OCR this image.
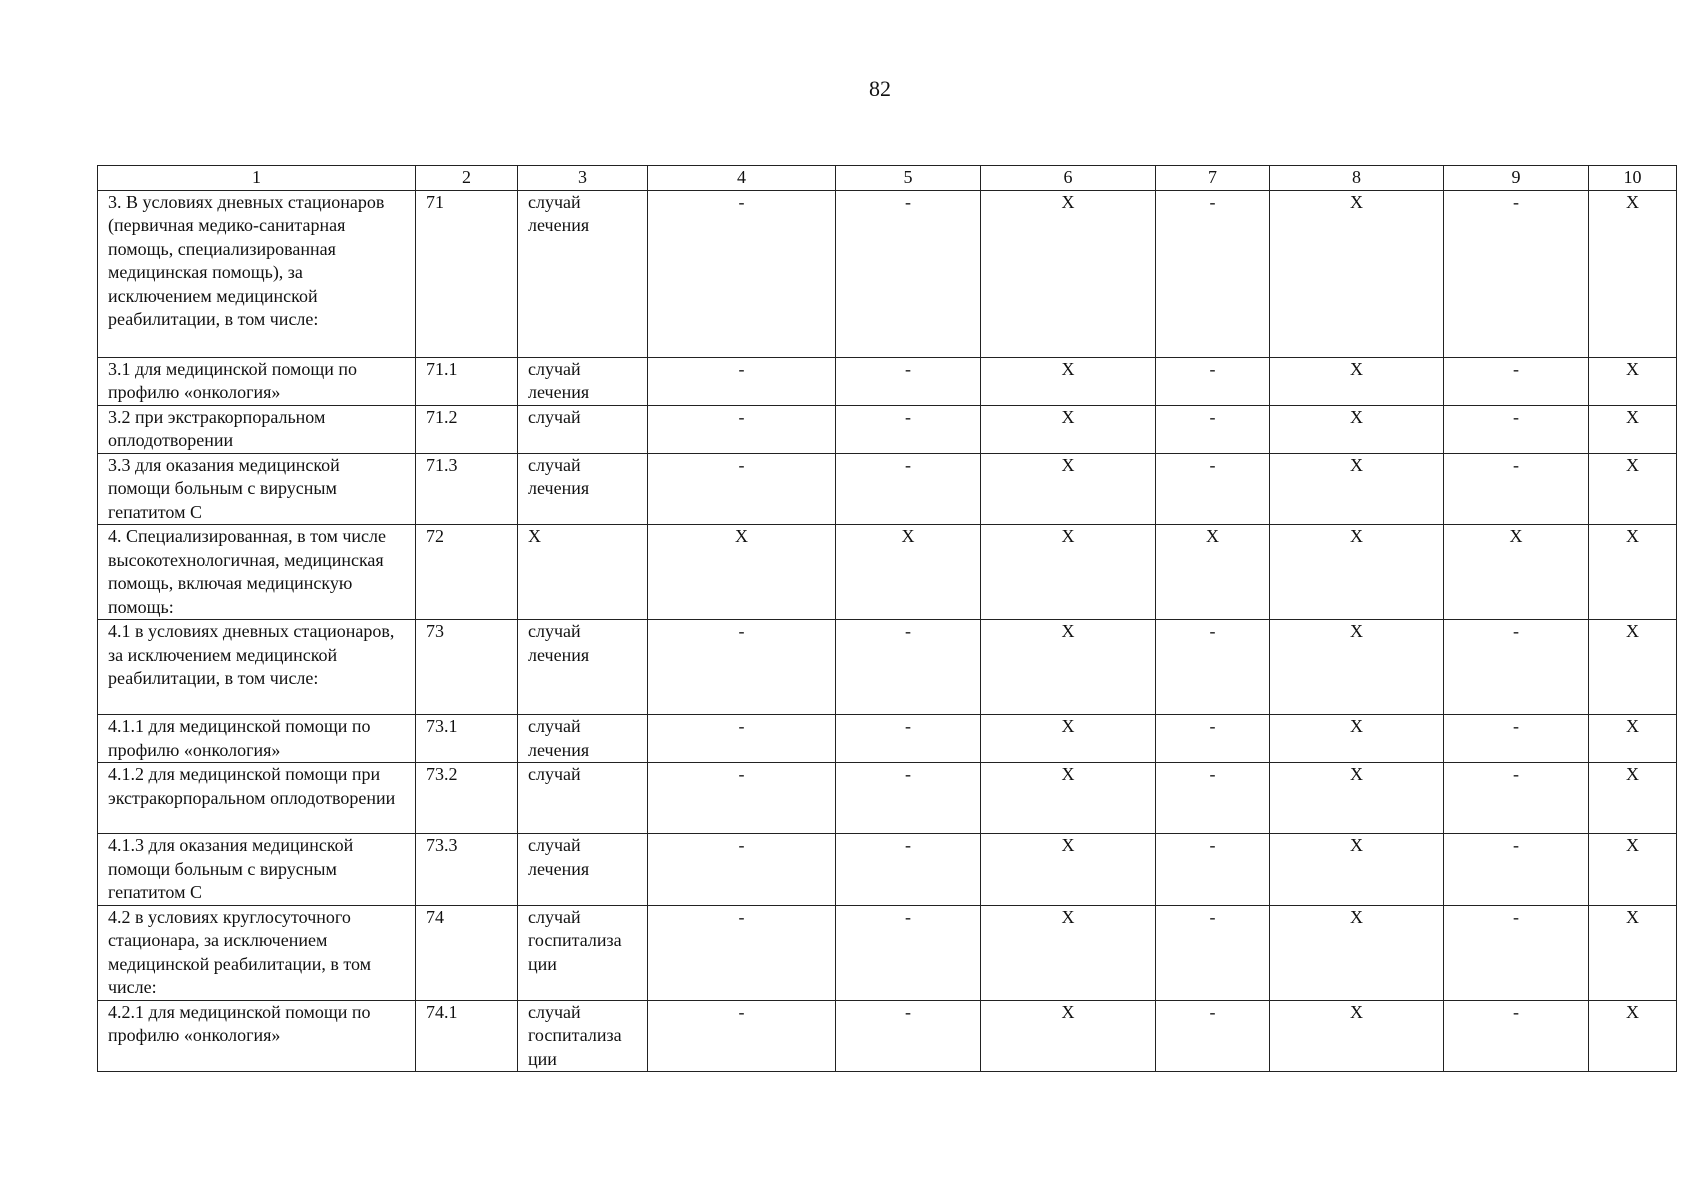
82
1	2	3	4	5	6	7	8	9	10
3. В условиях дневных стационаров (первичная медико-санитарная помощь, специализированная медицинская помощь), за исключением медицинской реабилитации, в том числе:	71	случай лечения	-	-	Х	-	Х	-	Х
3.1 для медицинской помощи по профилю «онкология»	71.1	случай лечения	-	-	Х	-	Х	-	Х
3.2 при экстракорпоральном оплодотворении	71.2	случай	-	-	Х	-	Х	-	Х
3.3 для оказания медицинской помощи больным с вирусным гепатитом С	71.3	случай лечения	-	-	Х	-	Х	-	Х
4. Специализированная, в том числе высокотехнологичная, медицинская помощь, включая медицинскую помощь:	72	Х	Х	Х	Х	Х	Х	Х	Х
4.1 в условиях дневных стационаров, за исключением медицинской реабилитации, в том числе:	73	случай лечения	-	-	Х	-	Х	-	Х
4.1.1 для медицинской помощи по профилю «онкология»	73.1	случай лечения	-	-	Х	-	Х	-	Х
4.1.2 для медицинской помощи при экстракорпоральном оплодотворении	73.2	случай	-	-	Х	-	Х	-	Х
4.1.3 для оказания медицинской помощи больным с вирусным гепатитом С	73.3	случай лечения	-	-	Х	-	Х	-	Х
4.2 в условиях круглосуточного стационара, за исключением медицинской реабилитации, в том числе:	74	случай госпитализа ции	-	-	Х	-	Х	-	Х
4.2.1 для медицинской помощи по профилю «онкология»	74.1	случай госпитализа ции	-	-	Х	-	Х	-	Х
